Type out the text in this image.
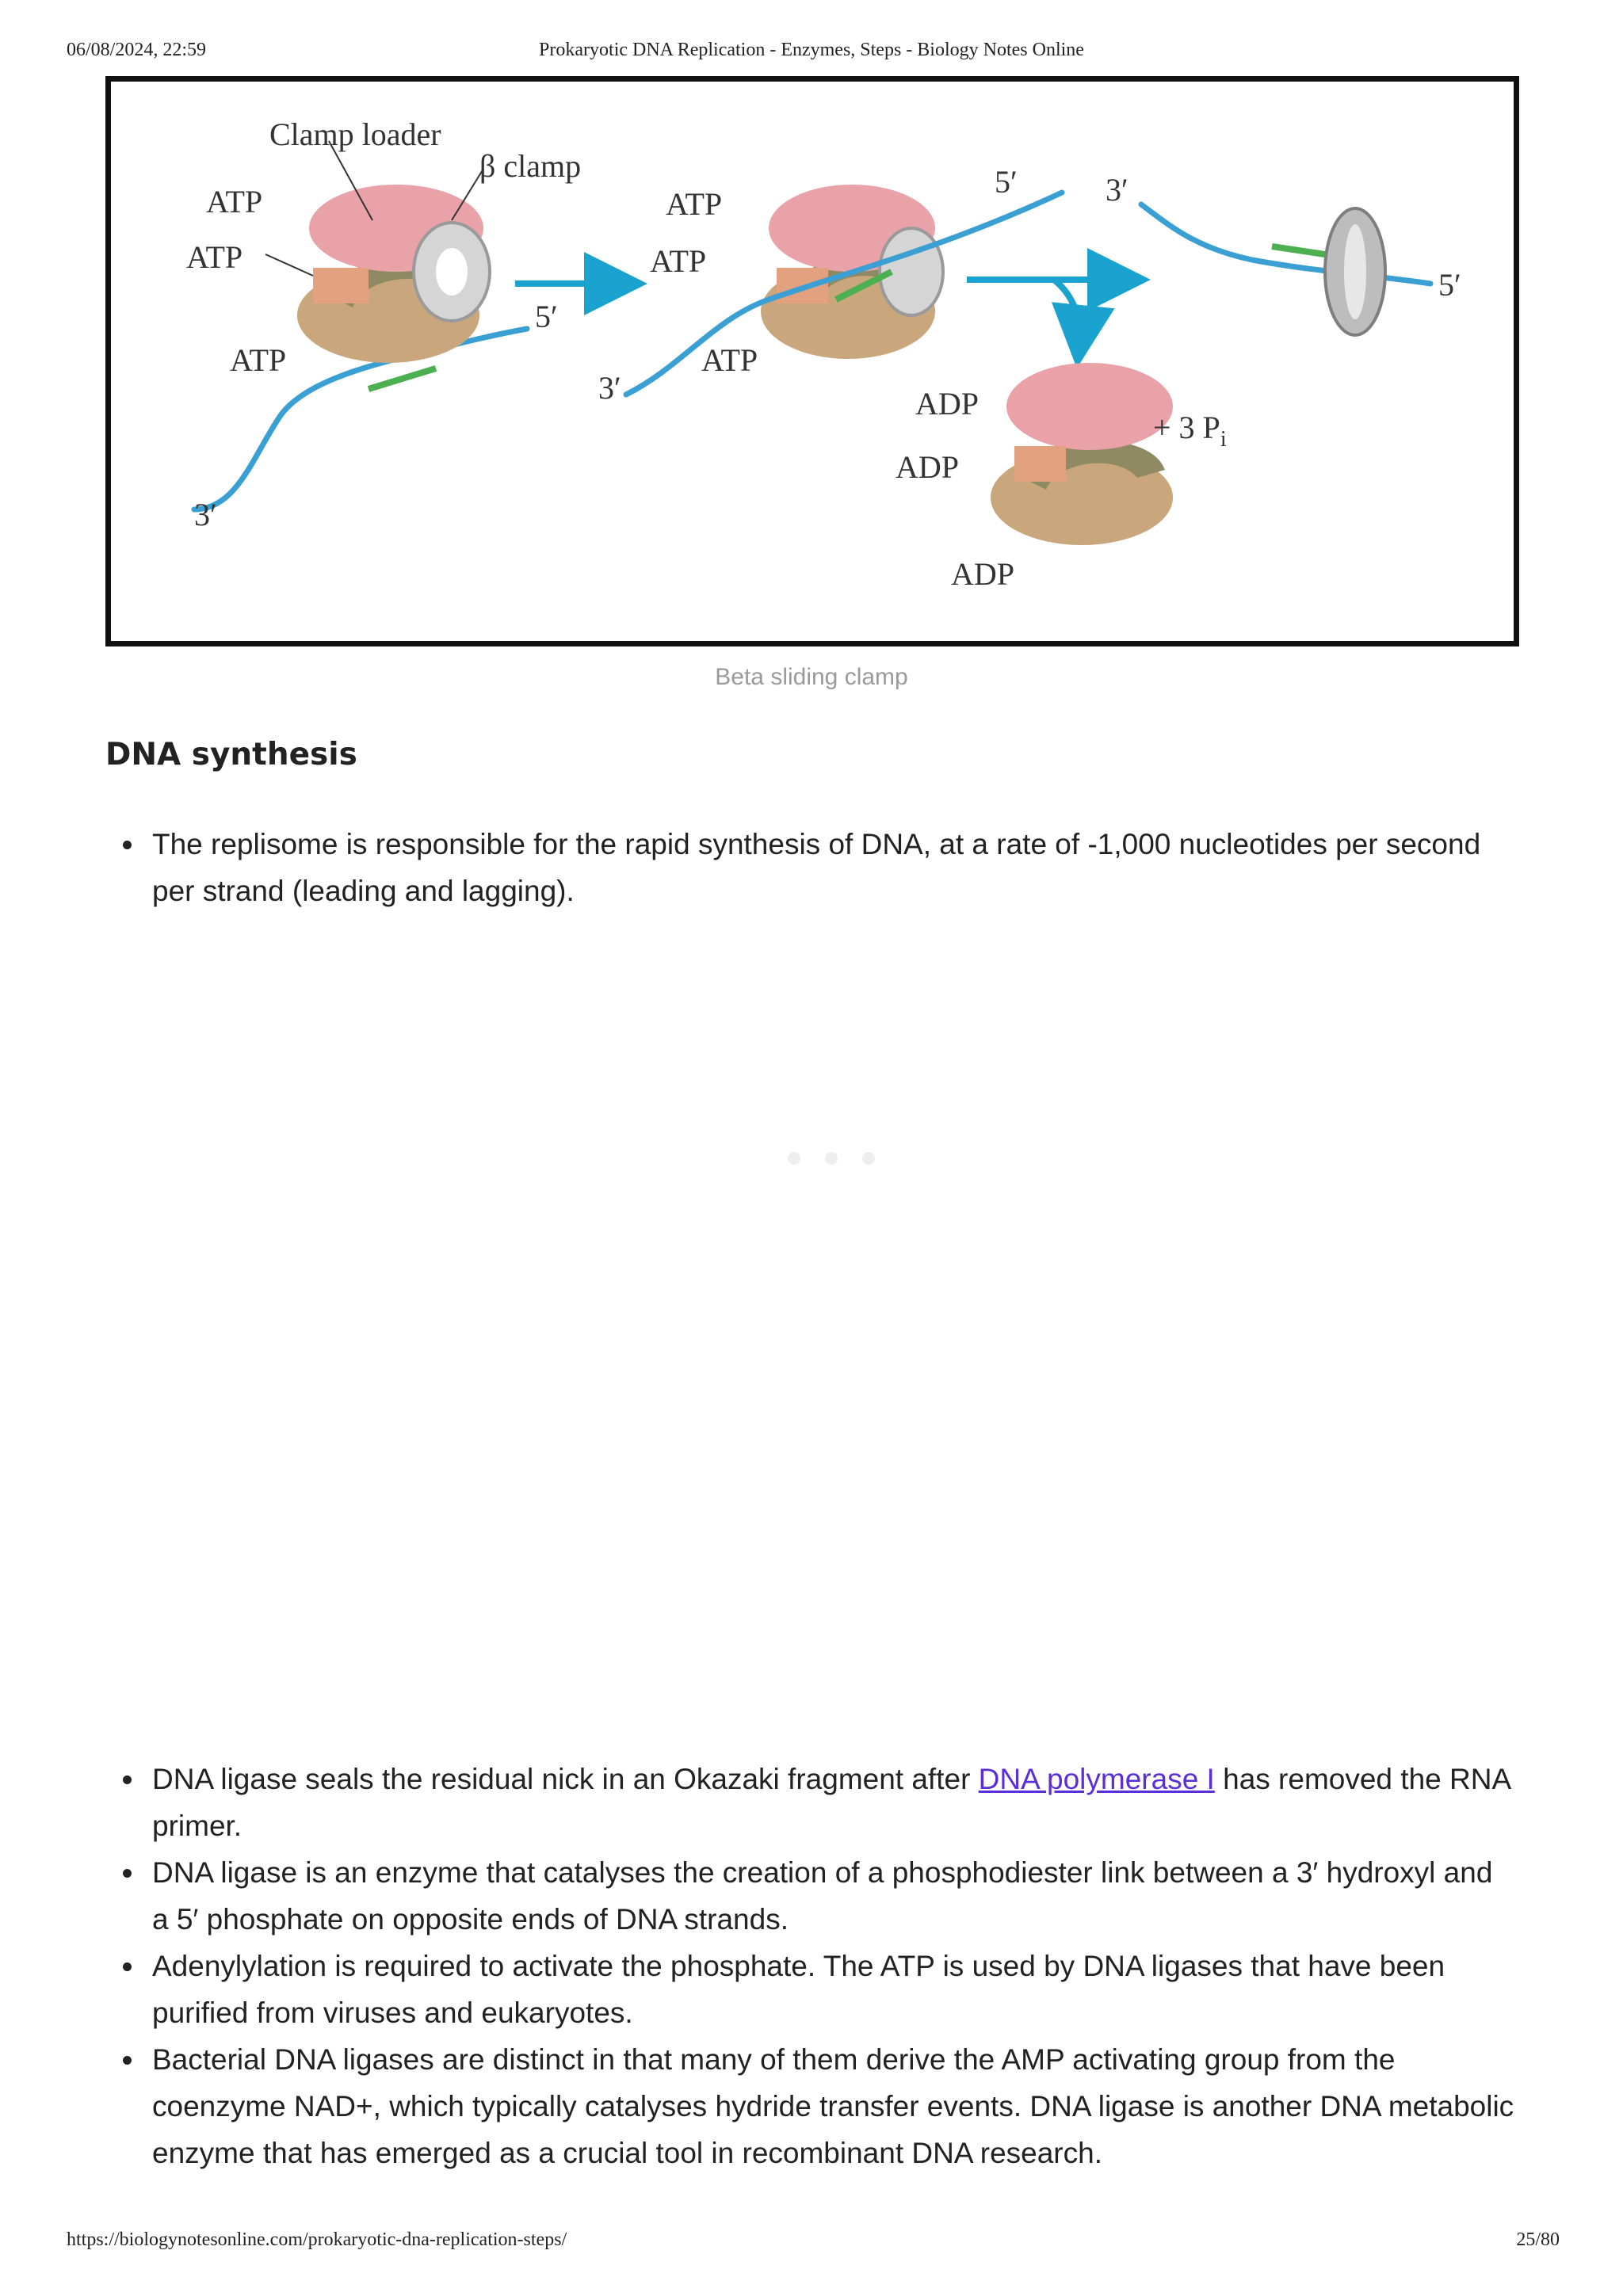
06/08/2024, 22:59	Prokaryotic DNA Replication - Enzymes, Steps - Biology Notes Online
Clamp loader
β clamp
ATP
ATP
ATP
5′
3′
ATP
ATP
ATP
5′
3′
3′
5′
ADP
ADP
ADP
+ 3 $P_i$
Beta sliding clamp
DNA synthesis
The replisome is responsible for the rapid synthesis of DNA, at a rate of -1,000 nucleotides per second per strand (leading and lagging).
DNA ligase seals the residual nick in an Okazaki fragment after DNA polymerase I has removed the RNA primer.
DNA ligase is an enzyme that catalyses the creation of a phosphodiester link between a 3′ hydroxyl and a 5′ phosphate on opposite ends of DNA strands.
Adenylylation is required to activate the phosphate. The ATP is used by DNA ligases that have been purified from viruses and eukaryotes.
Bacterial DNA ligases are distinct in that many of them derive the AMP activating group from the coenzyme NAD+, which typically catalyses hydride transfer events. DNA ligase is another DNA metabolic enzyme that has emerged as a crucial tool in recombinant DNA research.
https://biologynotesonline.com/prokaryotic-dna-replication-steps/	25/80
